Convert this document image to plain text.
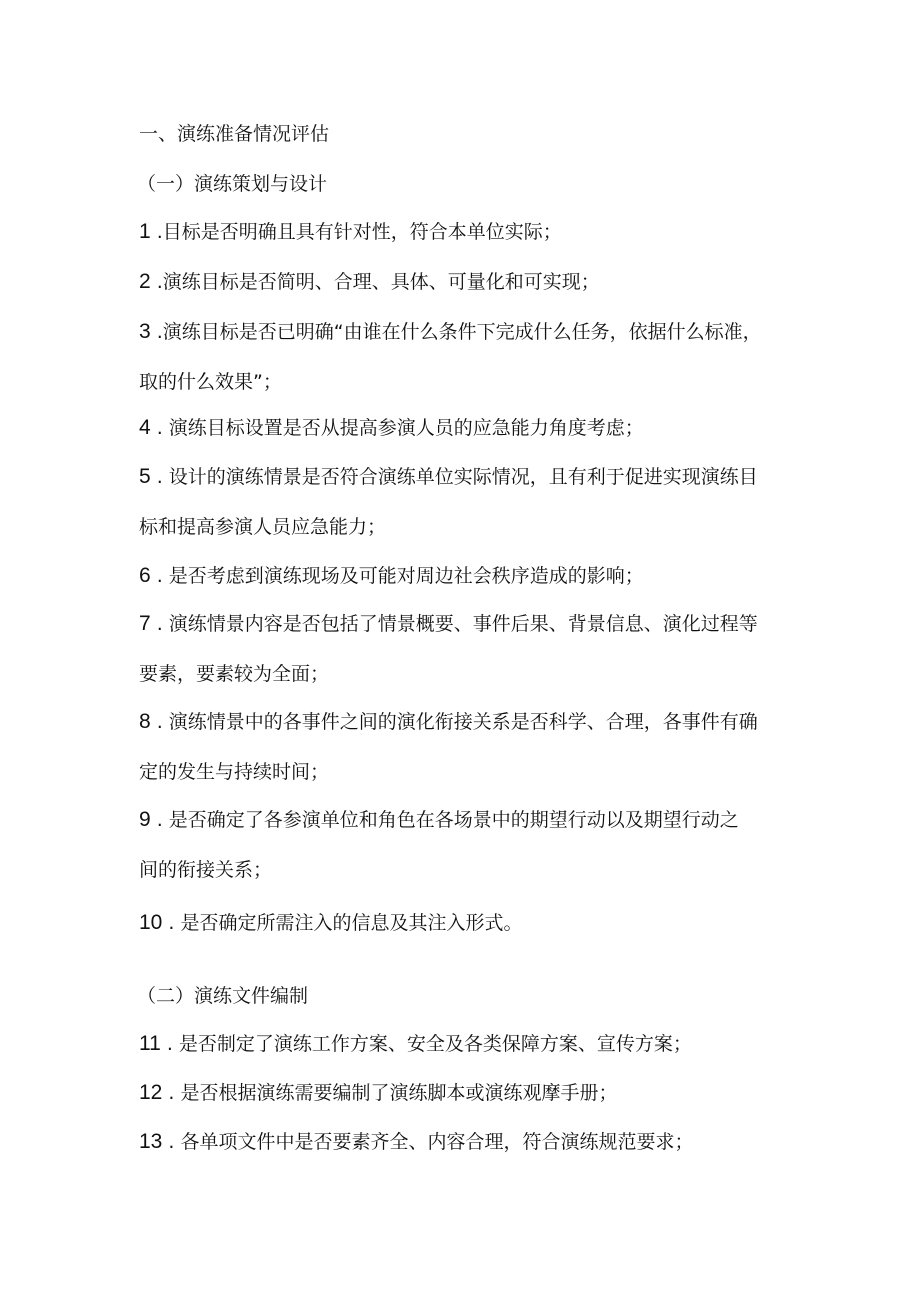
一、演练准备情况评估
（一）演练策划与设计
1 .目标是否明确且具有针对性，符合本单位实际；
2 .演练目标是否简明、合理、具体、可量化和可实现；
3 .演练目标是否已明确“由谁在什么条件下完成什么任务，依据什么标准，
取的什么效果”；
4 . 演练目标设置是否从提高参演人员的应急能力角度考虑；
5 . 设计的演练情景是否符合演练单位实际情况，且有利于促进实现演练目
标和提高参演人员应急能力；
6 . 是否考虑到演练现场及可能对周边社会秩序造成的影响；
7 . 演练情景内容是否包括了情景概要、事件后果、背景信息、演化过程等
要素，要素较为全面；
8 . 演练情景中的各事件之间的演化衔接关系是否科学、合理，各事件有确
定的发生与持续时间；
9 . 是否确定了各参演单位和角色在各场景中的期望行动以及期望行动之
间的衔接关系；
10 . 是否确定所需注入的信息及其注入形式。
（二）演练文件编制
11 . 是否制定了演练工作方案、安全及各类保障方案、宣传方案；
12 . 是否根据演练需要编制了演练脚本或演练观摩手册；
13 . 各单项文件中是否要素齐全、内容合理，符合演练规范要求；
